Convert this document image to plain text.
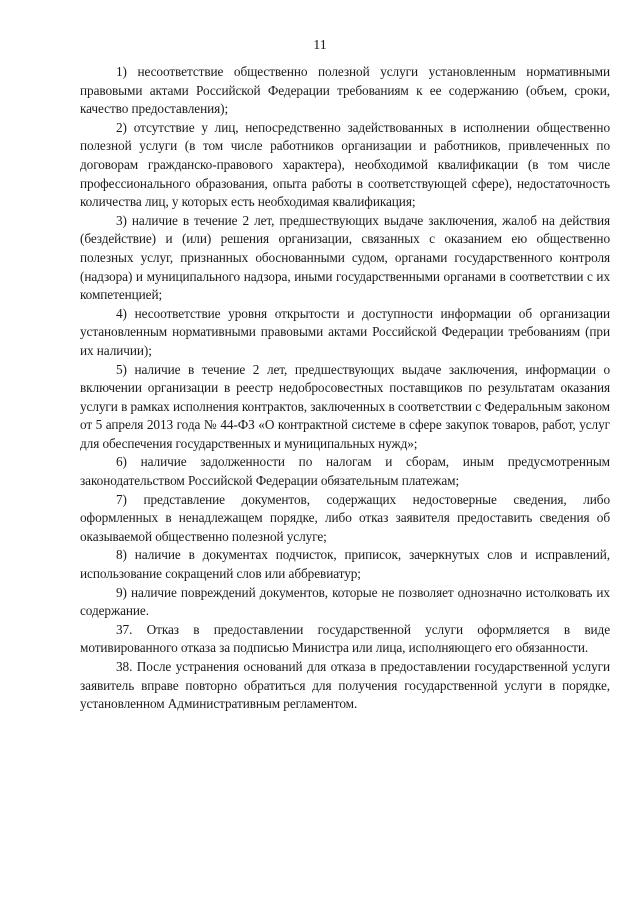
11

1) несоответствие общественно полезной услуги установленным нормативными правовыми актами Российской Федерации требованиям к ее содержанию (объем, сроки, качество предоставления);

2) отсутствие у лиц, непосредственно задействованных в исполнении общественно полезной услуги (в том числе работников организации и работников, привлеченных по договорам гражданско-правового характера), необходимой квалификации (в том числе профессионального образования, опыта работы в соответствующей сфере), недостаточность количества лиц, у которых есть необходимая квалификация;

3) наличие в течение 2 лет, предшествующих выдаче заключения, жалоб на действия (бездействие) и (или) решения организации, связанных с оказанием ею общественно полезных услуг, признанных обоснованными судом, органами государственного контроля (надзора) и муниципального надзора, иными государственными органами в соответствии с их компетенцией;

4) несоответствие уровня открытости и доступности информации об организации установленным нормативными правовыми актами Российской Федерации требованиям (при их наличии);

5) наличие в течение 2 лет, предшествующих выдаче заключения, информации о включении организации в реестр недобросовестных поставщиков по результатам оказания услуги в рамках исполнения контрактов, заключенных в соответствии с Федеральным законом от 5 апреля 2013 года № 44-ФЗ «О контрактной системе в сфере закупок товаров, работ, услуг для обеспечения государственных и муниципальных нужд»;

6) наличие задолженности по налогам и сборам, иным предусмотренным законодательством Российской Федерации обязательным платежам;

7) представление документов, содержащих недостоверные сведения, либо оформленных в ненадлежащем порядке, либо отказ заявителя предоставить сведения об оказываемой общественно полезной услуге;

8) наличие в документах подчисток, приписок, зачеркнутых слов и исправлений, использование сокращений слов или аббревиатур;

9) наличие повреждений документов, которые не позволяет однозначно истолковать их содержание.

37. Отказ в предоставлении государственной услуги оформляется в виде мотивированного отказа за подписью Министра или лица, исполняющего его обязанности.

38. После устранения оснований для отказа в предоставлении государственной услуги заявитель вправе повторно обратиться для получения государственной услуги в порядке, установленном Административным регламентом.
